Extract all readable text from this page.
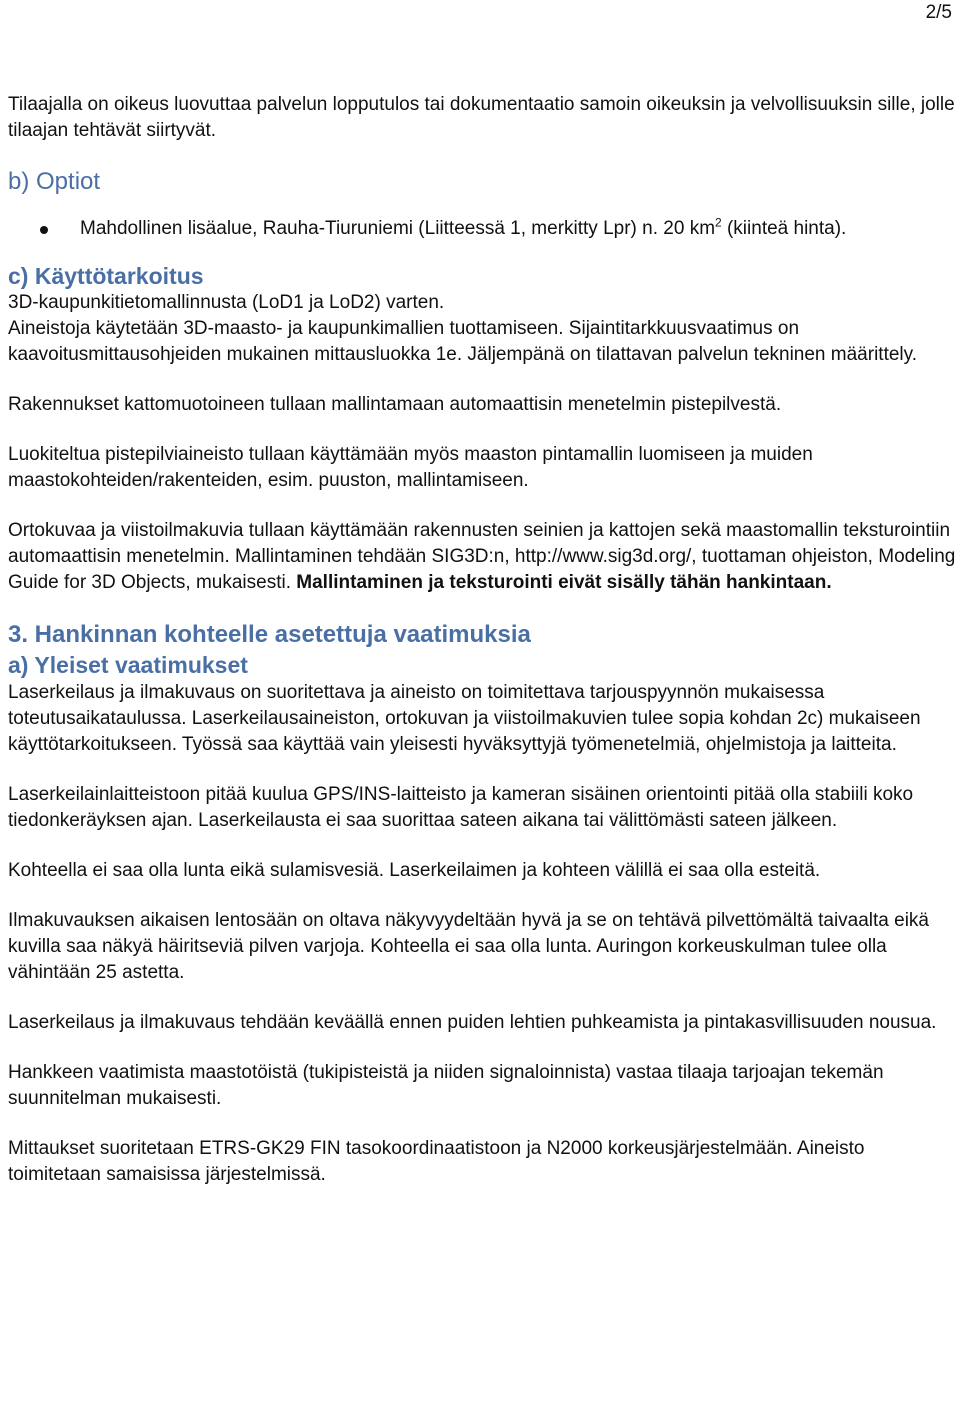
2/5

Tilaajalla on oikeus luovuttaa palvelun lopputulos tai dokumentaatio samoin oikeuksin ja velvollisuuksin sille, jolle tilaajan tehtävät siirtyvät.

b) Optiot
Mahdollinen lisäalue, Rauha-Tiuruniemi (Liitteessä 1, merkitty Lpr) n. 20 $km^2$ (kiinteä hinta).
c) Käyttötarkoitus

3D-kaupunkitietomallinnusta (LoD1 ja LoD2) varten.

Aineistoja käytetään 3D-maasto- ja kaupunkimallien tuottamiseen. Sijaintitarkkuusvaatimus on kaavoitusmittausohjeiden mukainen mittausluokka 1e. Jäljempänä on tilattavan palvelun tekninen määrittely.

Rakennukset kattomuotoineen tullaan mallintamaan automaattisin menetelmin pistepilvestä.

Luokiteltua pistepilviaineisto tullaan käyttämään myös maaston pintamallin luomiseen ja muiden maastokohteiden/rakenteiden, esim. puuston, mallintamiseen.

Ortokuvaa ja viistoilmakuvia tullaan käyttämään rakennusten seinien ja kattojen sekä maastomallin teksturointiin automaattisin menetelmin. Mallintaminen tehdään SIG3D:n, http://www.sig3d.org/, tuottaman ohjeiston, Modeling Guide for 3D Objects, mukaisesti. Mallintaminen ja teksturointi eivät sisälly tähän hankintaan.

3. Hankinnan kohteelle asetettuja vaatimuksia
a) Yleiset vaatimukset

Laserkeilaus ja ilmakuvaus on suoritettava ja aineisto on toimitettava tarjouspyynnön mukaisessa toteutusaikataulussa. Laserkeilausaineiston, ortokuvan ja viistoilmakuvien tulee sopia kohdan 2c) mukaiseen käyttötarkoitukseen. Työssä saa käyttää vain yleisesti hyväksyttyjä työmenetelmiä, ohjelmistoja ja laitteita.

Laserkeilainlaitteistoon pitää kuulua GPS/INS-laitteisto ja kameran sisäinen orientointi pitää olla stabiili koko tiedonkeräyksen ajan. Laserkeilausta ei saa suorittaa sateen aikana tai välittömästi sateen jälkeen.

Kohteella ei saa olla lunta eikä sulamisvesiä. Laserkeilaimen ja kohteen välillä ei saa olla esteitä.

Ilmakuvauksen aikaisen lentosään on oltava näkyvyydeltään hyvä ja se on tehtävä pilvettömältä taivaalta eikä kuvilla saa näkyä häiritseviä pilven varjoja. Kohteella ei saa olla lunta. Auringon korkeuskulman tulee olla vähintään 25 astetta.

Laserkeilaus ja ilmakuvaus tehdään keväällä ennen puiden lehtien puhkeamista ja pintakasvillisuuden nousua.

Hankkeen vaatimista maastotöistä (tukipisteistä ja niiden signaloinnista) vastaa tilaaja tarjoajan tekemän suunnitelman mukaisesti.

Mittaukset suoritetaan ETRS-GK29 FIN tasokoordinaatistoon ja N2000 korkeusjärjestelmään. Aineisto toimitetaan samaisissa järjestelmissä.
